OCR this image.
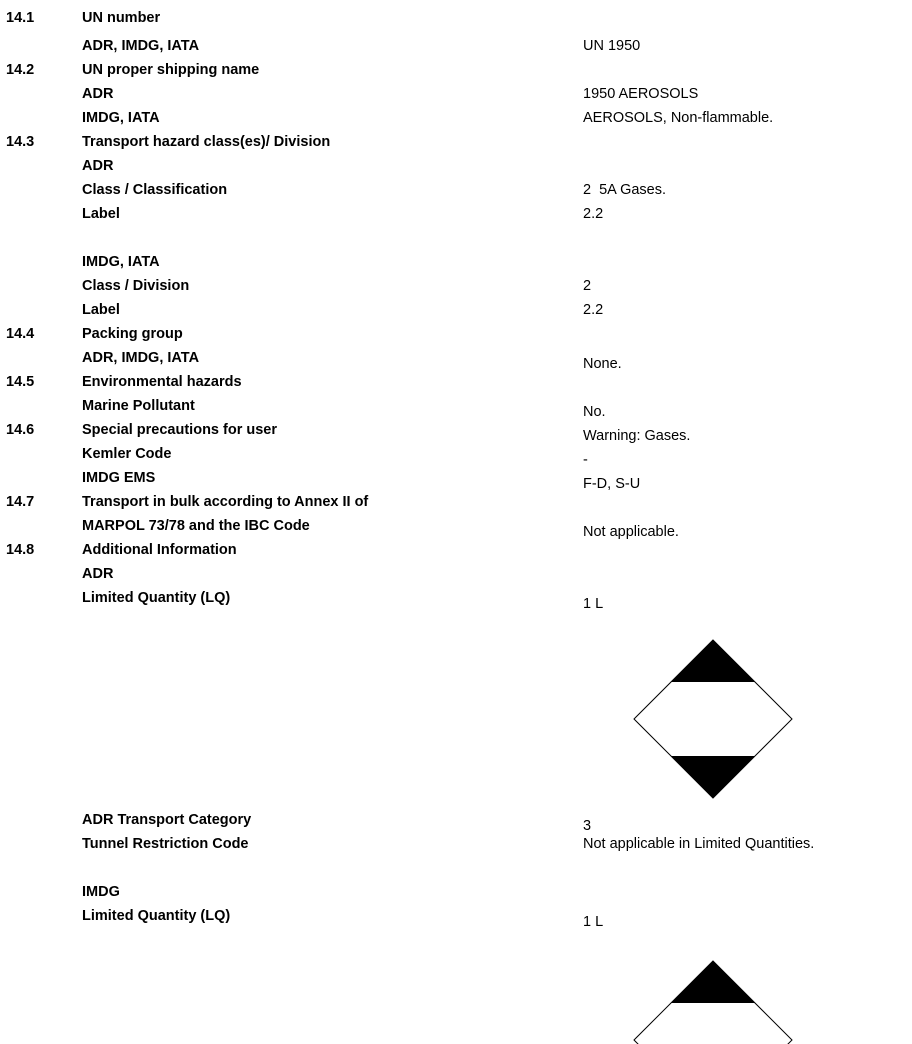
14.1	UN number
ADR, IMDG, IATA	UN 1950
14.2	UN proper shipping name
ADR	1950 AEROSOLS
IMDG, IATA	AEROSOLS, Non-flammable.
14.3	Transport hazard class(es)/ Division
ADR
Class / Classification	2  5A Gases.
Label	2.2
IMDG, IATA
Class / Division	2
Label	2.2
14.4	Packing group
ADR, IMDG, IATA	None.
14.5	Environmental hazards
Marine Pollutant	No.
14.6	Special precautions for user	Warning: Gases.
Kemler Code	-
IMDG EMS	F-D, S-U
14.7	Transport in bulk according to Annex II of
MARPOL 73/78 and the IBC Code	Not applicable.
14.8	Additional Information
ADR
Limited Quantity (LQ)	1 L
ADR Transport Category	3
Tunnel Restriction Code	Not applicable in Limited Quantities.
IMDG
Limited Quantity (LQ)	1 L
